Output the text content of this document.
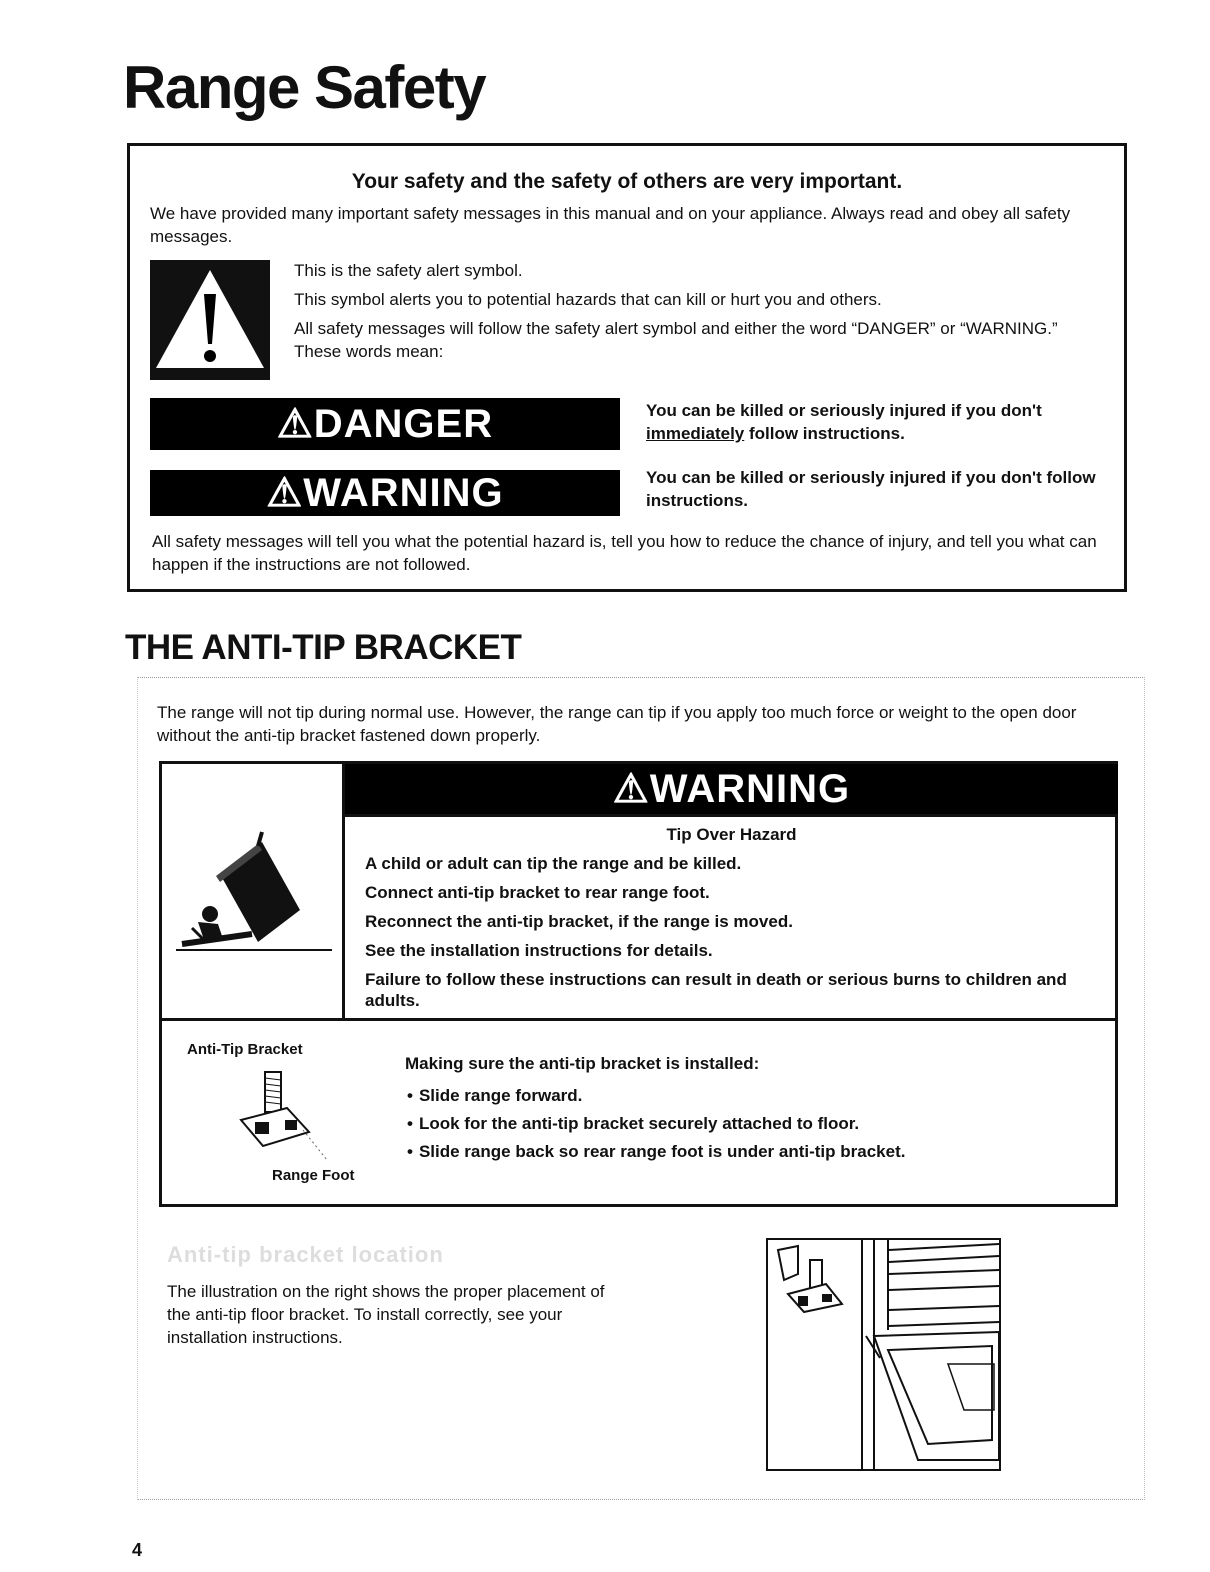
Range Safety
Your safety and the safety of others are very important.
We have provided many important safety messages in this manual and on your appliance. Always read and obey all safety messages.

This is the safety alert symbol.

This symbol alerts you to potential hazards that can kill or hurt you and others.

All safety messages will follow the safety alert symbol and either the word “DANGER” or “WARNING.” These words mean:

⚠DANGER	You can be killed or seriously injured if you don't immediately follow instructions.
⚠WARNING	You can be killed or seriously injured if you don't follow instructions.
All safety messages will tell you what the potential hazard is, tell you how to reduce the chance of injury, and tell you what can happen if the instructions are not followed.
THE ANTI-TIP BRACKET
The range will not tip during normal use. However, the range can tip if you apply too much force or weight to the open door without the anti-tip bracket fastened down properly.
⚠WARNING
Tip Over Hazard

A child or adult can tip the range and be killed.

Connect anti-tip bracket to rear range foot.

Reconnect the anti-tip bracket, if the range is moved.

See the installation instructions for details.

Failure to follow these instructions can result in death or serious burns to children and adults.

Anti-Tip Bracket
Range Foot
Making sure the anti-tip bracket is installed:
• Slide range forward.
• Look for the anti-tip bracket securely attached to floor.
• Slide range back so rear range foot is under anti-tip bracket.
Anti-tip bracket location
The illustration on the right shows the proper placement of the anti-tip floor bracket. To install correctly, see your installation instructions.
4
